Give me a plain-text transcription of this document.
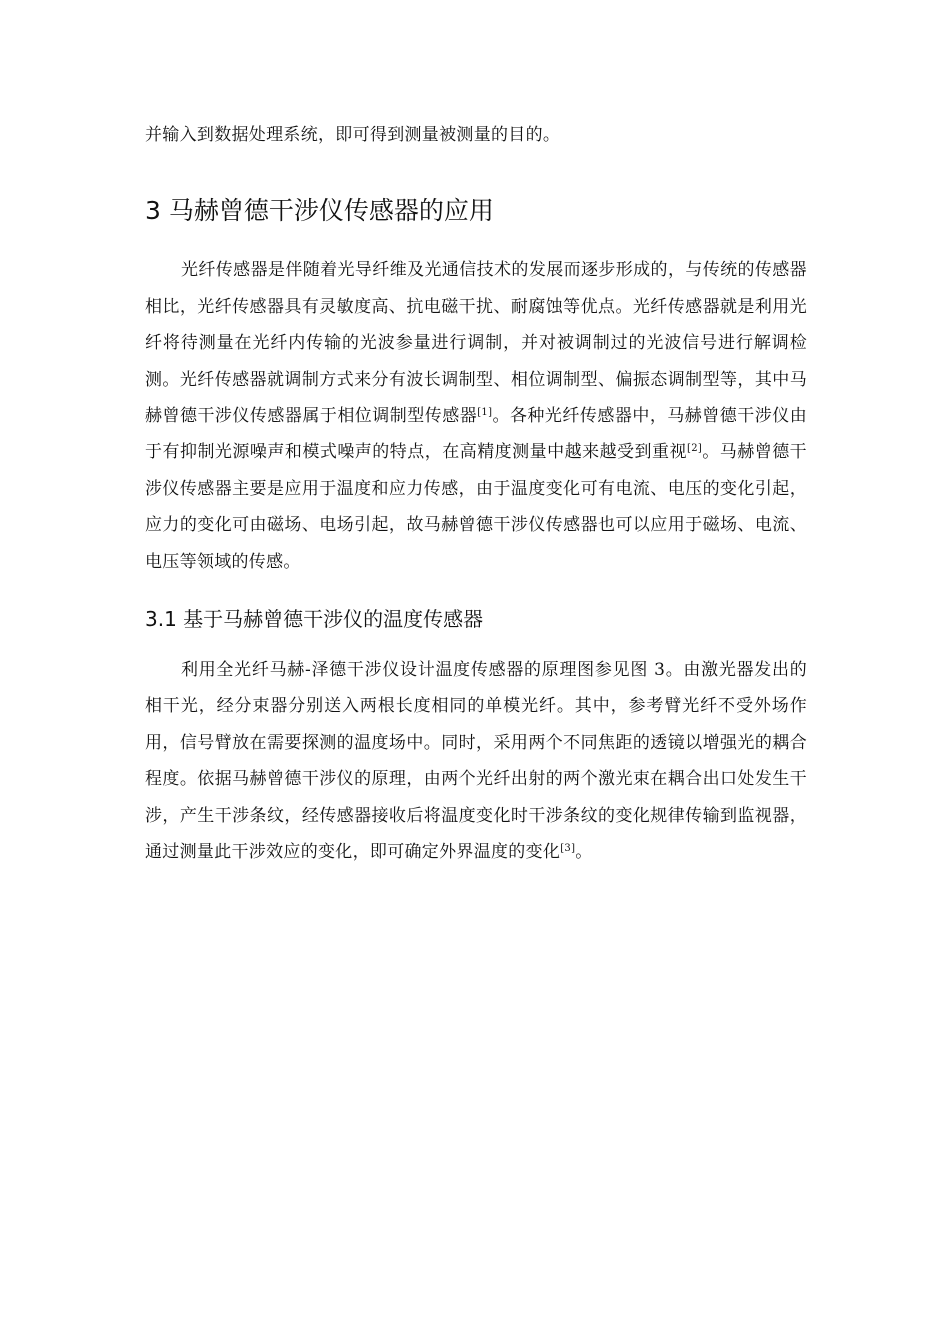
并输入到数据处理系统，即可得到测量被测量的目的。

3 马赫曾德干涉仪传感器的应用

光纤传感器是伴随着光导纤维及光通信技术的发展而逐步形成的，与传统的传感器相比，光纤传感器具有灵敏度高、抗电磁干扰、耐腐蚀等优点。光纤传感器就是利用光纤将待测量在光纤内传输的光波参量进行调制，并对被调制过的光波信号进行解调检测。光纤传感器就调制方式来分有波长调制型、相位调制型、偏振态调制型等，其中马赫曾德干涉仪传感器属于相位调制型传感器[1]。各种光纤传感器中，马赫曾德干涉仪由于有抑制光源噪声和模式噪声的特点，在高精度测量中越来越受到重视[2]。马赫曾德干涉仪传感器主要是应用于温度和应力传感，由于温度变化可有电流、电压的变化引起，应力的变化可由磁场、电场引起，故马赫曾德干涉仪传感器也可以应用于磁场、电流、电压等领域的传感。

3.1 基于马赫曾德干涉仪的温度传感器

利用全光纤马赫-泽德干涉仪设计温度传感器的原理图参见图 3。由激光器发出的相干光，经分束器分别送入两根长度相同的单模光纤。其中，参考臂光纤不受外场作用，信号臂放在需要探测的温度场中。同时，采用两个不同焦距的透镜以增强光的耦合程度。依据马赫曾德干涉仪的原理，由两个光纤出射的两个激光束在耦合出口处发生干涉，产生干涉条纹，经传感器接收后将温度变化时干涉条纹的变化规律传输到监视器，通过测量此干涉效应的变化，即可确定外界温度的变化[3]。
